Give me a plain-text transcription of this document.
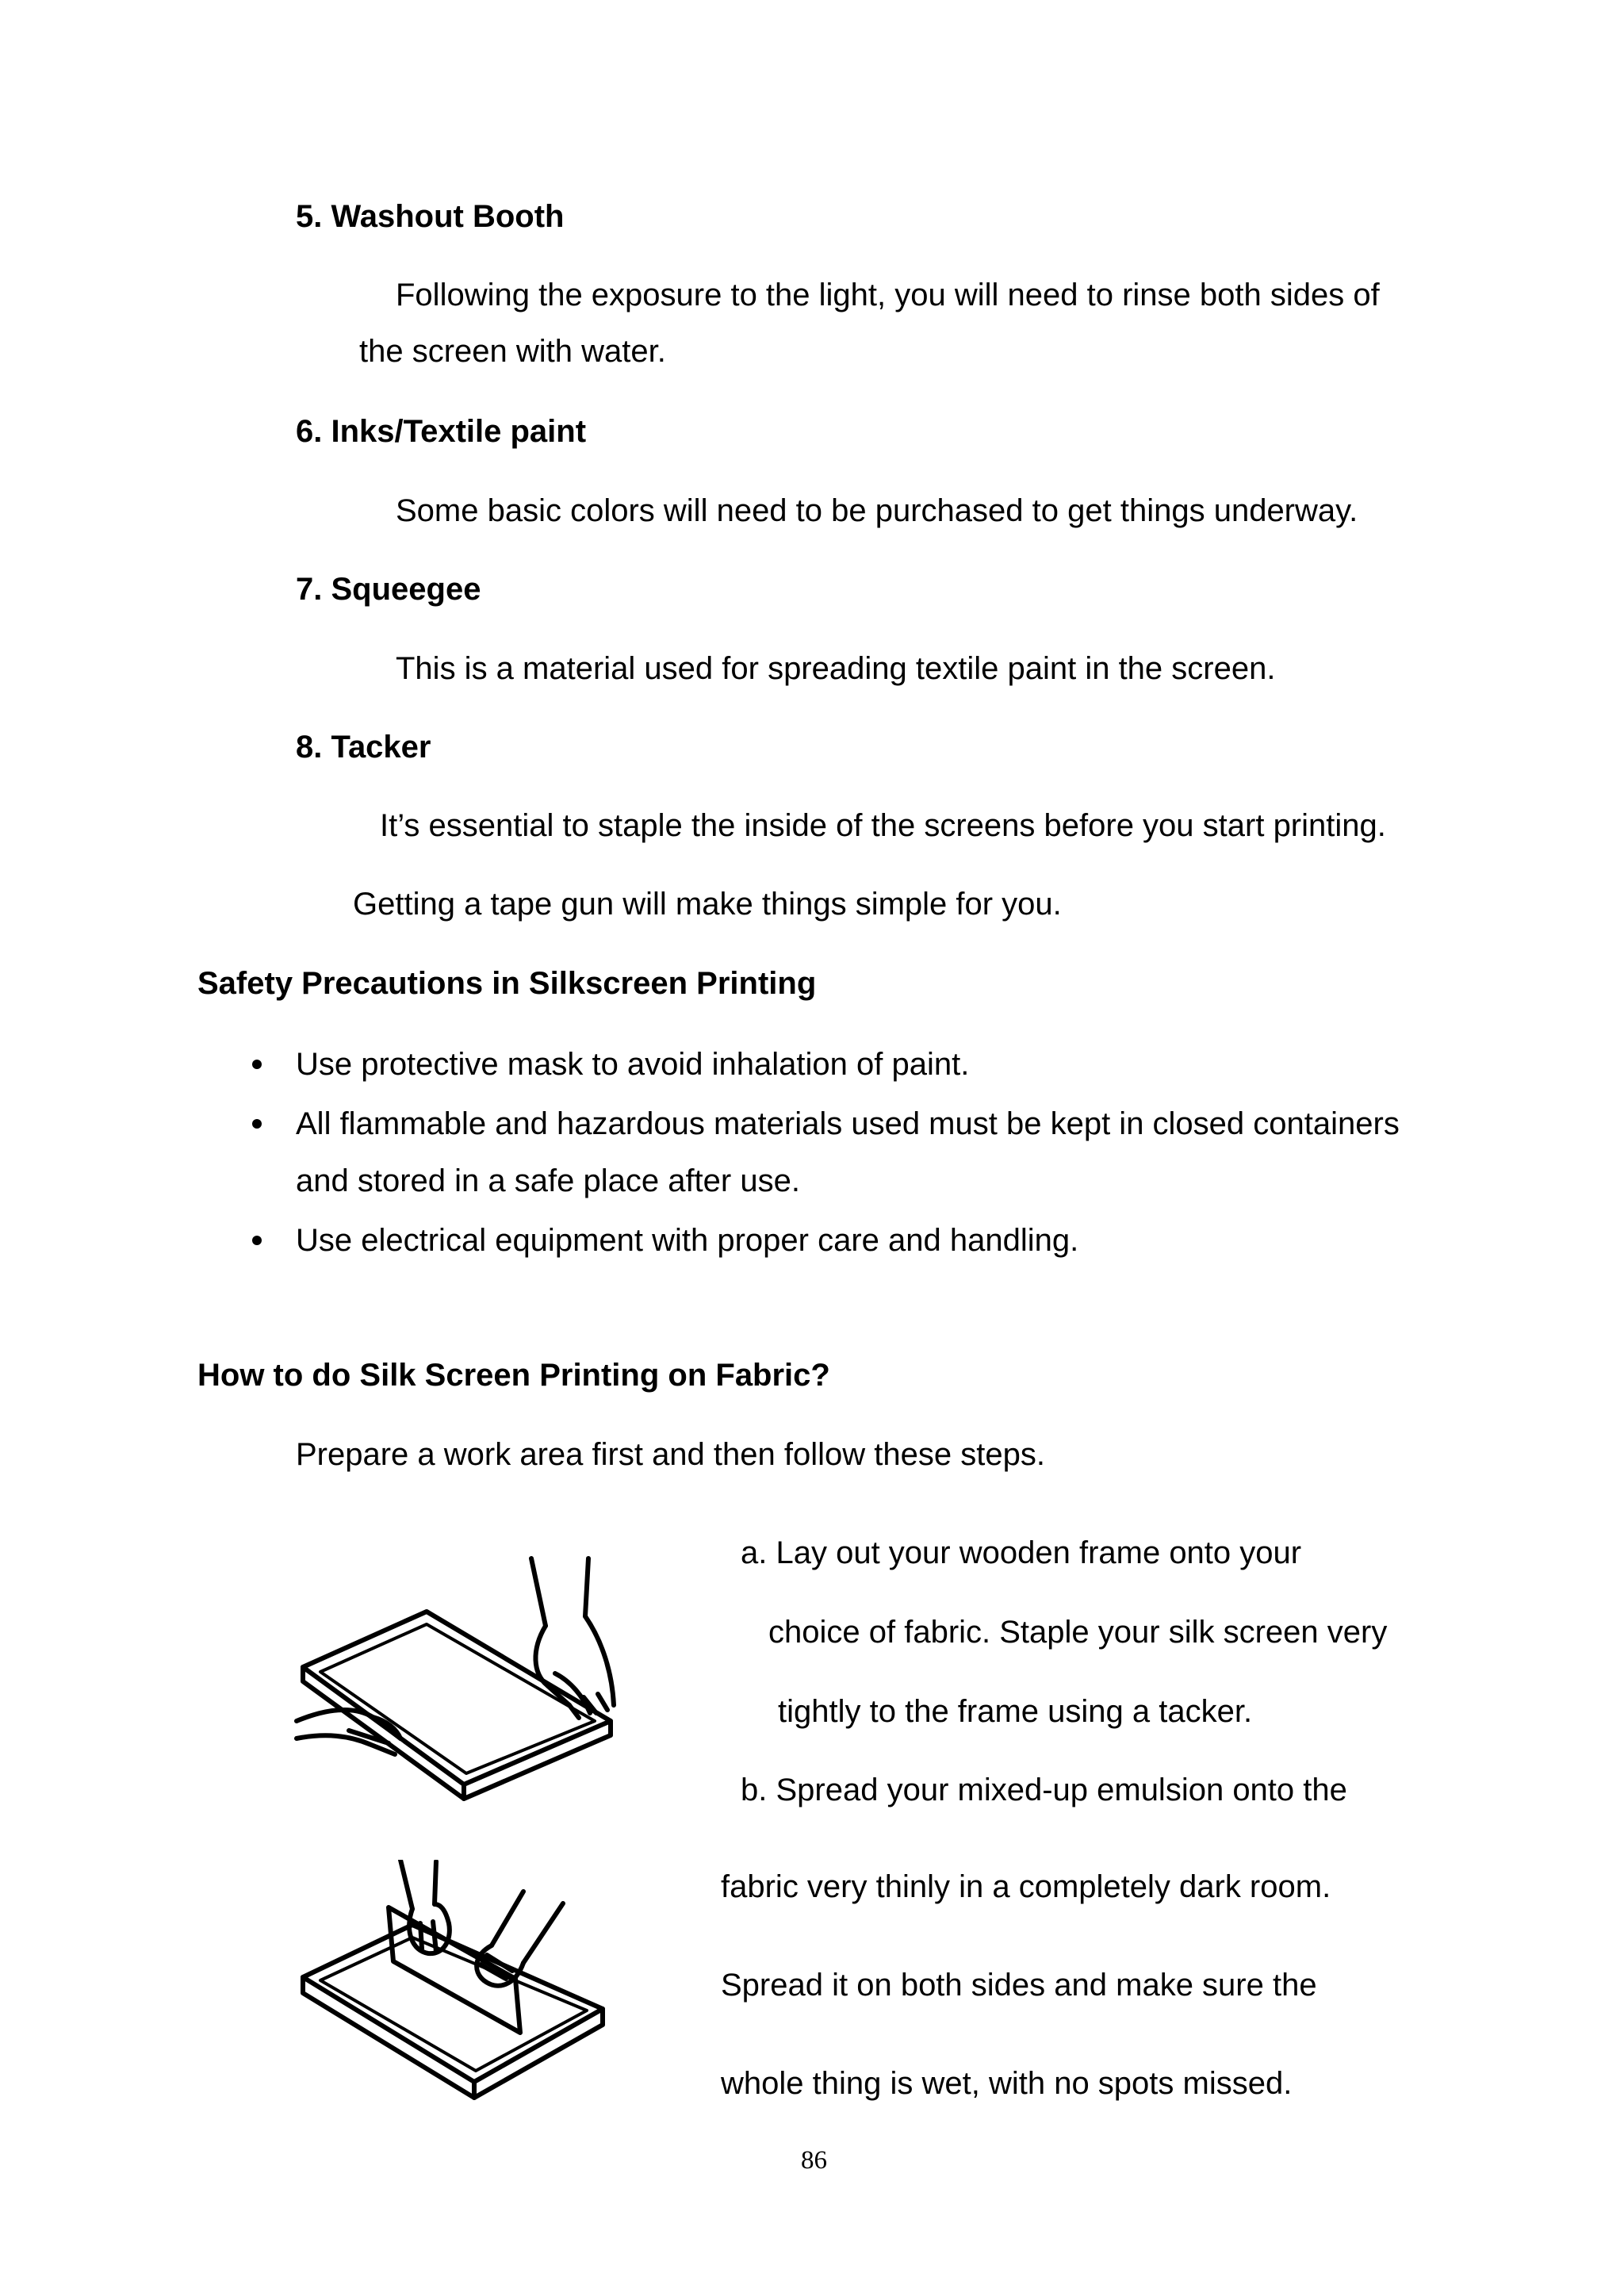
5. Washout Booth

Following the exposure to the light, you will need to rinse both sides of

the screen with water.

6. Inks/Textile paint

Some basic colors will need to be purchased to get things underway.

7. Squeegee

This is a material used for spreading textile paint in the screen.

8. Tacker

It’s essential to staple the inside of the screens before you start printing.

Getting a tape gun will make things simple for you.

Safety Precautions in Silkscreen Printing

Use protective mask to avoid inhalation of paint.

All flammable and hazardous materials used must be kept in closed containers

and stored in a safe place after use.

Use electrical equipment with proper care and handling.

How to do Silk Screen Printing on Fabric?

Prepare a work area first and then follow these steps.

a. Lay out your wooden frame onto your

choice of fabric. Staple your silk screen very

tightly to the frame using a tacker.

b. Spread your mixed-up emulsion onto the

fabric very thinly in a completely dark room.

Spread it on both sides and make sure the

whole thing is wet, with no spots missed.

86
